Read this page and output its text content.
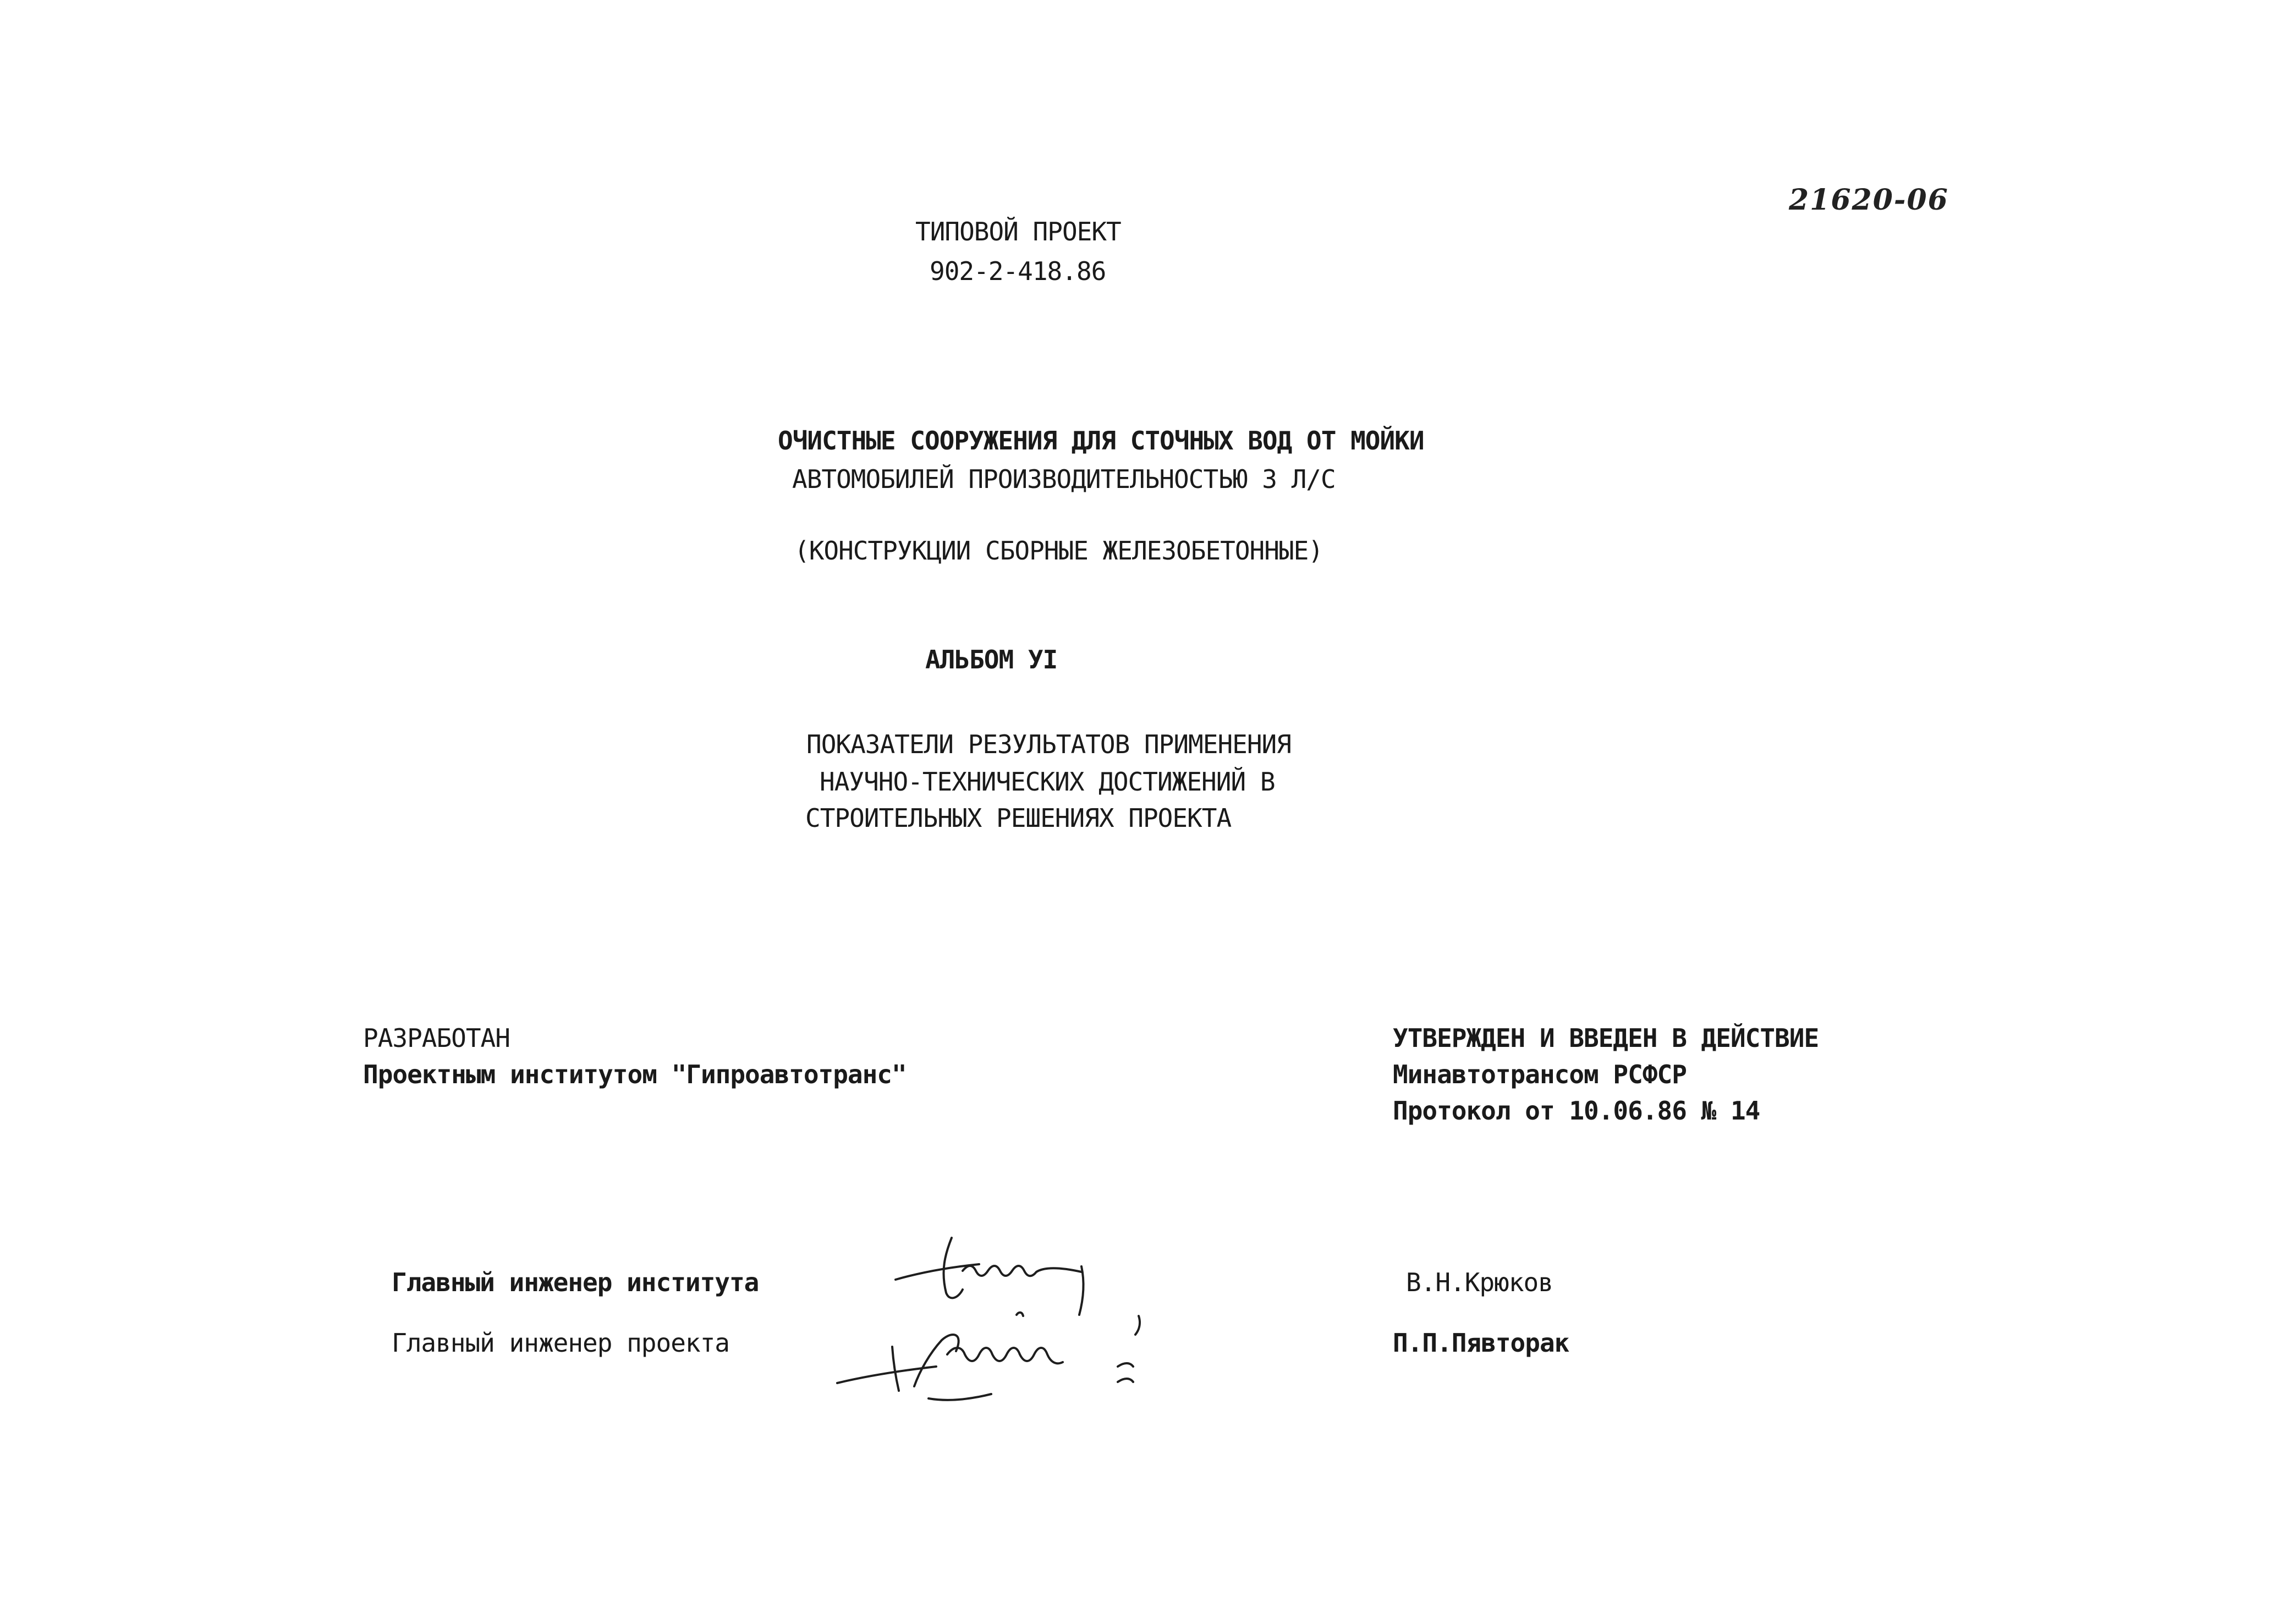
21620-06
ТИПОВОЙ ПРОЕКТ
902-2-418.86
ОЧИСТНЫЕ СООРУЖЕНИЯ ДЛЯ СТОЧНЫХ ВОД ОТ МОЙКИ
АВТОМОБИЛЕЙ ПРОИЗВОДИТЕЛЬНОСТЬЮ 3 Л/С
(КОНСТРУКЦИИ СБОРНЫЕ ЖЕЛЕЗОБЕТОННЫЕ)
АЛЬБОМ УI
ПОКАЗАТЕЛИ РЕЗУЛЬТАТОВ ПРИМЕНЕНИЯ
НАУЧНО-ТЕХНИЧЕСКИХ ДОСТИЖЕНИЙ В
СТРОИТЕЛЬНЫХ РЕШЕНИЯХ ПРОЕКТА
РАЗРАБОТАН
Проектным институтом "Гипроавтотранс"
УТВЕРЖДЕН И ВВЕДЕН В ДЕЙСТВИЕ
Минавтотрансом РСФСР
Протокол от 10.06.86 № 14
Главный инженер института	В.Н.Крюков
Главный инженер проекта	П.П.Пявторак
